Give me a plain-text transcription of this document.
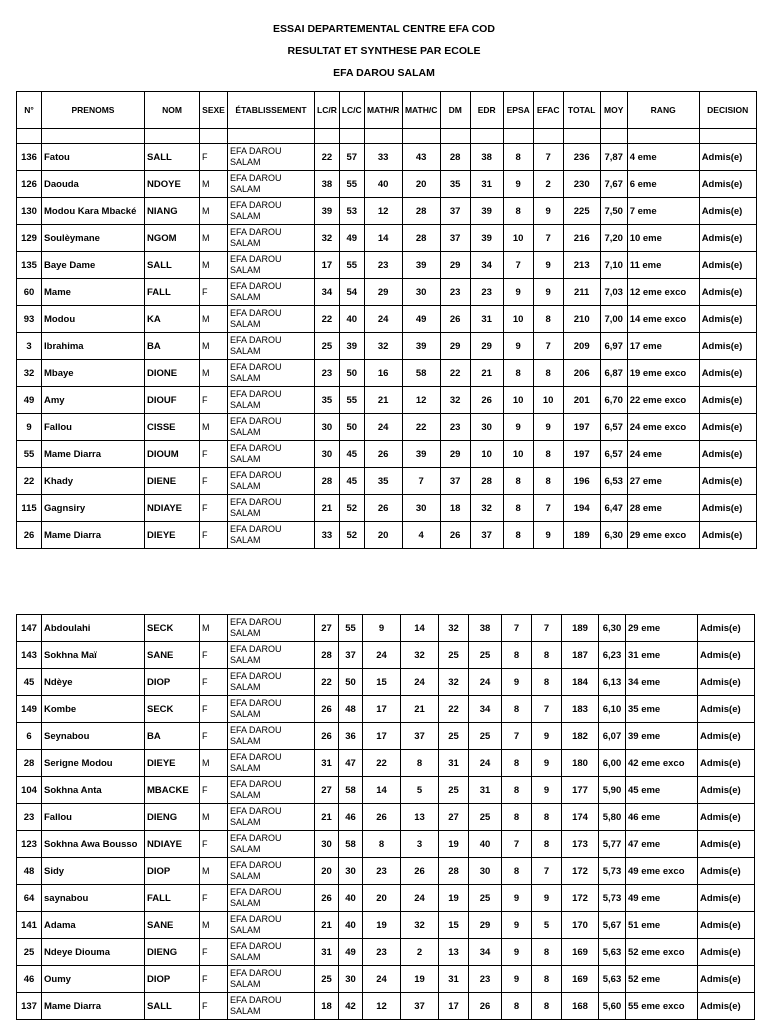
ESSAI DEPARTEMENTAL CENTRE EFA COD
RESULTAT ET SYNTHESE PAR ECOLE
EFA DAROU SALAM
N°	PRENOMS	NOM	SEXE	ÉTABLISSEMENT	LC/R	LC/C	MATH/R	MATH/C	DM	EDR	EPSA	EFAC	TOTAL	MOY	RANG	DECISION

136	Fatou	SALL	F	EFA DAROU SALAM	22	57	33	43	28	38	8	7	236	7,87	4 eme	Admis(e)
126	Daouda	NDOYE	M	EFA DAROU SALAM	38	55	40	20	35	31	9	2	230	7,67	6 eme	Admis(e)
130	Modou Kara Mbacké	NIANG	M	EFA DAROU SALAM	39	53	12	28	37	39	8	9	225	7,50	7 eme	Admis(e)
129	Soulèymane	NGOM	M	EFA DAROU SALAM	32	49	14	28	37	39	10	7	216	7,20	10 eme	Admis(e)
135	Baye Dame	SALL	M	EFA DAROU SALAM	17	55	23	39	29	34	7	9	213	7,10	11 eme	Admis(e)
60	Mame	FALL	F	EFA DAROU SALAM	34	54	29	30	23	23	9	9	211	7,03	12 eme exco	Admis(e)
93	Modou	KA	M	EFA DAROU SALAM	22	40	24	49	26	31	10	8	210	7,00	14 eme exco	Admis(e)
3	Ibrahima	BA	M	EFA DAROU SALAM	25	39	32	39	29	29	9	7	209	6,97	17 eme	Admis(e)
32	Mbaye	DIONE	M	EFA DAROU SALAM	23	50	16	58	22	21	8	8	206	6,87	19 eme exco	Admis(e)
49	Amy	DIOUF	F	EFA DAROU SALAM	35	55	21	12	32	26	10	10	201	6,70	22 eme exco	Admis(e)
9	Fallou	CISSE	M	EFA DAROU SALAM	30	50	24	22	23	30	9	9	197	6,57	24 eme exco	Admis(e)
55	Mame Diarra	DIOUM	F	EFA DAROU SALAM	30	45	26	39	29	10	10	8	197	6,57	24 eme	Admis(e)
22	Khady	DIENE	F	EFA DAROU SALAM	28	45	35	7	37	28	8	8	196	6,53	27 eme	Admis(e)
115	Gagnsiry	NDIAYE	F	EFA DAROU SALAM	21	52	26	30	18	32	8	7	194	6,47	28 eme	Admis(e)
26	Mame Diarra	DIEYE	F	EFA DAROU SALAM	33	52	20	4	26	37	8	9	189	6,30	29 eme exco	Admis(e)
147	Abdoulahi	SECK	M	EFA DAROU SALAM	27	55	9	14	32	38	7	7	189	6,30	29 eme	Admis(e)
143	Sokhna Maï	SANE	F	EFA DAROU SALAM	28	37	24	32	25	25	8	8	187	6,23	31 eme	Admis(e)
45	Ndèye	DIOP	F	EFA DAROU SALAM	22	50	15	24	32	24	9	8	184	6,13	34 eme	Admis(e)
149	Kombe	SECK	F	EFA DAROU SALAM	26	48	17	21	22	34	8	7	183	6,10	35 eme	Admis(e)
6	Seynabou	BA	F	EFA DAROU SALAM	26	36	17	37	25	25	7	9	182	6,07	39 eme	Admis(e)
28	Serigne Modou	DIEYE	M	EFA DAROU SALAM	31	47	22	8	31	24	8	9	180	6,00	42 eme exco	Admis(e)
104	Sokhna Anta	MBACKE	F	EFA DAROU SALAM	27	58	14	5	25	31	8	9	177	5,90	45 eme	Admis(e)
23	Fallou	DIENG	M	EFA DAROU SALAM	21	46	26	13	27	25	8	8	174	5,80	46 eme	Admis(e)
123	Sokhna Awa Bousso	NDIAYE	F	EFA DAROU SALAM	30	58	8	3	19	40	7	8	173	5,77	47 eme	Admis(e)
48	Sidy	DIOP	M	EFA DAROU SALAM	20	30	23	26	28	30	8	7	172	5,73	49 eme exco	Admis(e)
64	saynabou	FALL	F	EFA DAROU SALAM	26	40	20	24	19	25	9	9	172	5,73	49 eme	Admis(e)
141	Adama	SANE	M	EFA DAROU SALAM	21	40	19	32	15	29	9	5	170	5,67	51 eme	Admis(e)
25	Ndeye Diouma	DIENG	F	EFA DAROU SALAM	31	49	23	2	13	34	9	8	169	5,63	52 eme exco	Admis(e)
46	Oumy	DIOP	F	EFA DAROU SALAM	25	30	24	19	31	23	9	8	169	5,63	52 eme	Admis(e)
137	Mame Diarra	SALL	F	EFA DAROU SALAM	18	42	12	37	17	26	8	8	168	5,60	55 eme exco	Admis(e)
